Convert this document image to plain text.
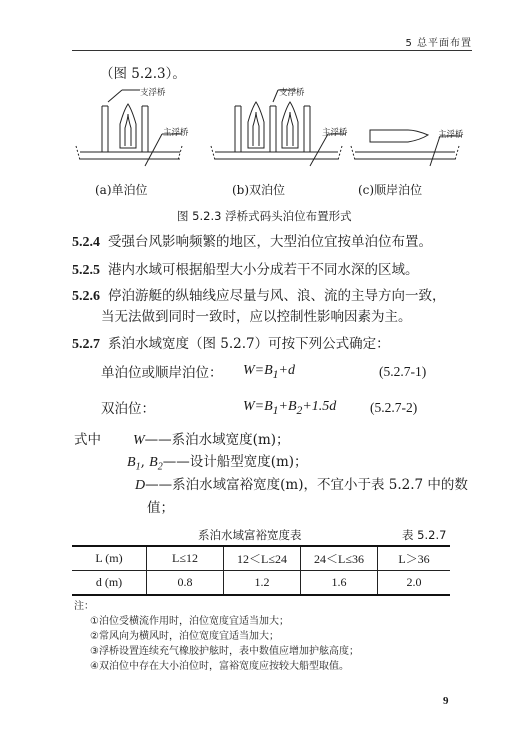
5 总平面布置
（图 5.2.3）。
支浮桥
主浮桥
支浮桥
主浮桥	主浮桥
(a)单泊位	(b)双泊位	(c)顺岸泊位
图 5.2.3 浮桥式码头泊位布置形式
5.2.4 受强台风影响频繁的地区，大型泊位宜按单泊位布置。
5.2.5 港内水域可根据船型大小分成若干不同水深的区域。
5.2.6 停泊游艇的纵轴线应尽量与风、浪、流的主导方向一致，
当无法做到同时一致时，应以控制性影响因素为主。
5.2.7 系泊水域宽度（图 5.2.7）可按下列公式确定：
单泊位或顺岸泊位： $W=B_1+d$	(5.2.7-1)
双泊位：	$W=B_1+B_2+1.5d$ (5.2.7-2)
式中 W——系泊水域宽度(m)；
$B_1$, $B_2——$设计船型宽度(m)；
D——系泊水域富裕宽度(m)，不宜小于表 5.2.7 中的数
值；
系泊水域富裕宽度表	表 5.2.7
L (m)	L≤12	12＜L≤24	24＜L≤36	L＞36
d (m)	0.8	1.2	1.6	2.0
注：
①泊位受横流作用时，泊位宽度宜适当加大；
②常风向为横风时，泊位宽度宜适当加大；
③浮桥设置连续充气橡胶护舷时，表中数值应增加护舷高度；
④双泊位中存在大小泊位时，富裕宽度应按较大船型取值。
9
